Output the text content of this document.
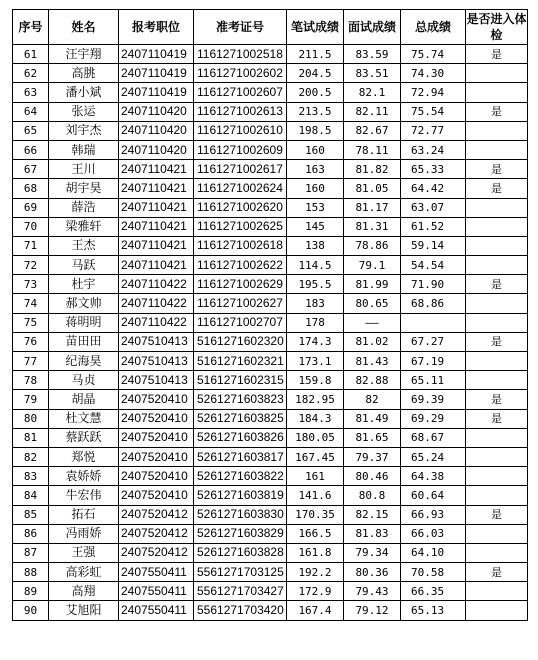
序号	姓名	报考职位	准考证号	笔试成绩	面试成绩	总成绩	是否进入体检
61	汪宇翔	2407110419	1161271002518	211.5	83.59	75.74	是
62	高朓	2407110419	1161271002602	204.5	83.51	74.30	
63	潘小斌	2407110419	1161271002607	200.5	82.1	72.94	
64	张运	2407110420	1161271002613	213.5	82.11	75.54	是
65	刘宇杰	2407110420	1161271002610	198.5	82.67	72.77	
66	韩瑞	2407110420	1161271002609	160	78.11	63.24	
67	王川	2407110421	1161271002617	163	81.82	65.33	是
68	胡宇昊	2407110421	1161271002624	160	81.05	64.42	是
69	薛浩	2407110421	1161271002620	153	81.17	63.07	
70	梁雅轩	2407110421	1161271002625	145	81.31	61.52	
71	王杰	2407110421	1161271002618	138	78.86	59.14	
72	马跃	2407110421	1161271002622	114.5	79.1	54.54	
73	杜宇	2407110422	1161271002629	195.5	81.99	71.90	是
74	郝文帅	2407110422	1161271002627	183	80.65	68.86	
75	蒋明明	2407110422	1161271002707	178	——		
76	苗田田	2407510413	5161271602320	174.3	81.02	67.27	是
77	纪海昊	2407510413	5161271602321	173.1	81.43	67.19	
78	马贞	2407510413	5161271602315	159.8	82.88	65.11	
79	胡晶	2407520410	5261271603823	182.95	82	69.39	是
80	杜文慧	2407520410	5261271603825	184.3	81.49	69.29	是
81	蔡跃跃	2407520410	5261271603826	180.05	81.65	68.67	
82	郑悦	2407520410	5261271603817	167.45	79.37	65.24	
83	袁娇娇	2407520410	5261271603822	161	80.46	64.38	
84	牛宏伟	2407520410	5261271603819	141.6	80.8	60.64	
85	拓石	2407520412	5261271603830	170.35	82.15	66.93	是
86	冯雨娇	2407520412	5261271603829	166.5	81.83	66.03	
87	王强	2407520412	5261271603828	161.8	79.34	64.10	
88	高彩虹	2407550411	5561271703125	192.2	80.36	70.58	是
89	高翔	2407550411	5561271703427	172.9	79.43	66.35	
90	艾旭阳	2407550411	5561271703420	167.4	79.12	65.13	
